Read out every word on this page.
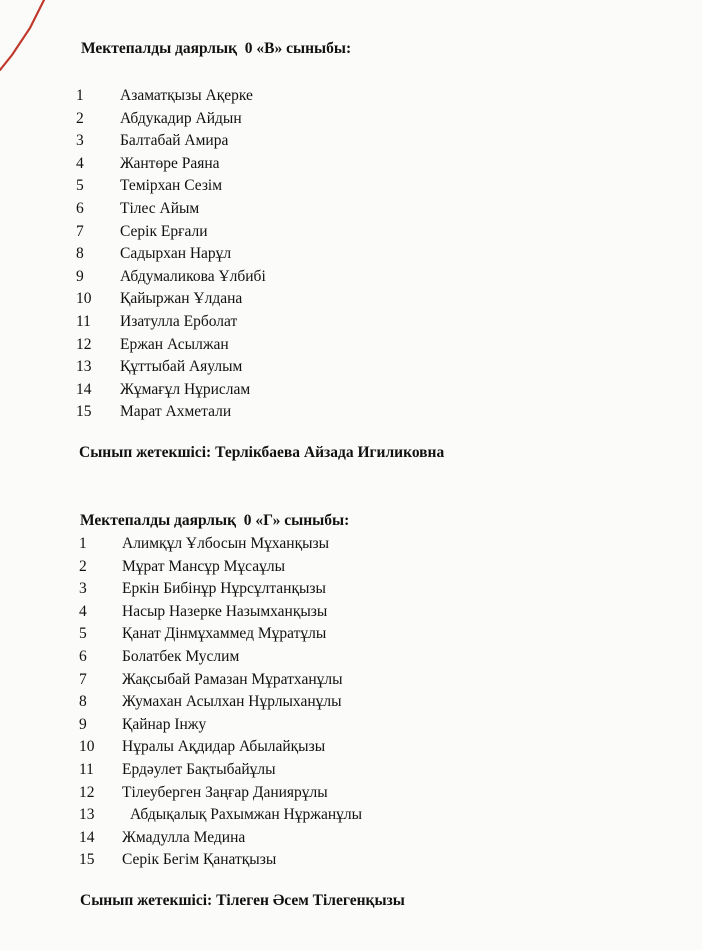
Мектепалды даярлық  0 «В» сыныбы:
1 Азаматқызы Ақерке
2 Абдукадир Айдын
3 Балтабай Амира
4 Жантөре Раяна
5 Темірхан Сезім
6 Тілес Айым
7 Серік Ерғали
8 Садырхан Нарұл
9 Абдумаликова Ұлбибі
10 Қайыржан Ұлдана
11 Изатулла Ерболат
12 Ержан Асылжан
13 Құттыбай Аяулым
14 Жұмағұл Нұрислам
15 Марат Ахметали
Сынып жетекшісі: Терлікбаева Айзада Игиликовна
Мектепалды даярлық  0 «Г» сыныбы:
1 Алимқұл Ұлбосын Мұханқызы
2 Мұрат Мансұр Мұсаұлы
3 Еркін Бибінұр Нұрсұлтанқызы
4 Насыр Назерке Назымханқызы
5 Қанат Дінмұхаммед Мұратұлы
6 Болатбек Муслим
7 Жақсыбай Рамазан Мұратханұлы
8 Жумахан Асылхан Нұрлыханұлы
9 Қайнар Інжу
10 Нұралы Ақдидар Абылайқызы
11 Ердәулет Бақтыбайұлы
12 Тілеуберген Заңғар Даниярұлы
13 Абдықалық Рахымжан Нұржанұлы
14 Жмадулла Медина
15 Серік Бегім Қанатқызы
Сынып жетекшісі: Тілеген Әсем Тілегенқызы
